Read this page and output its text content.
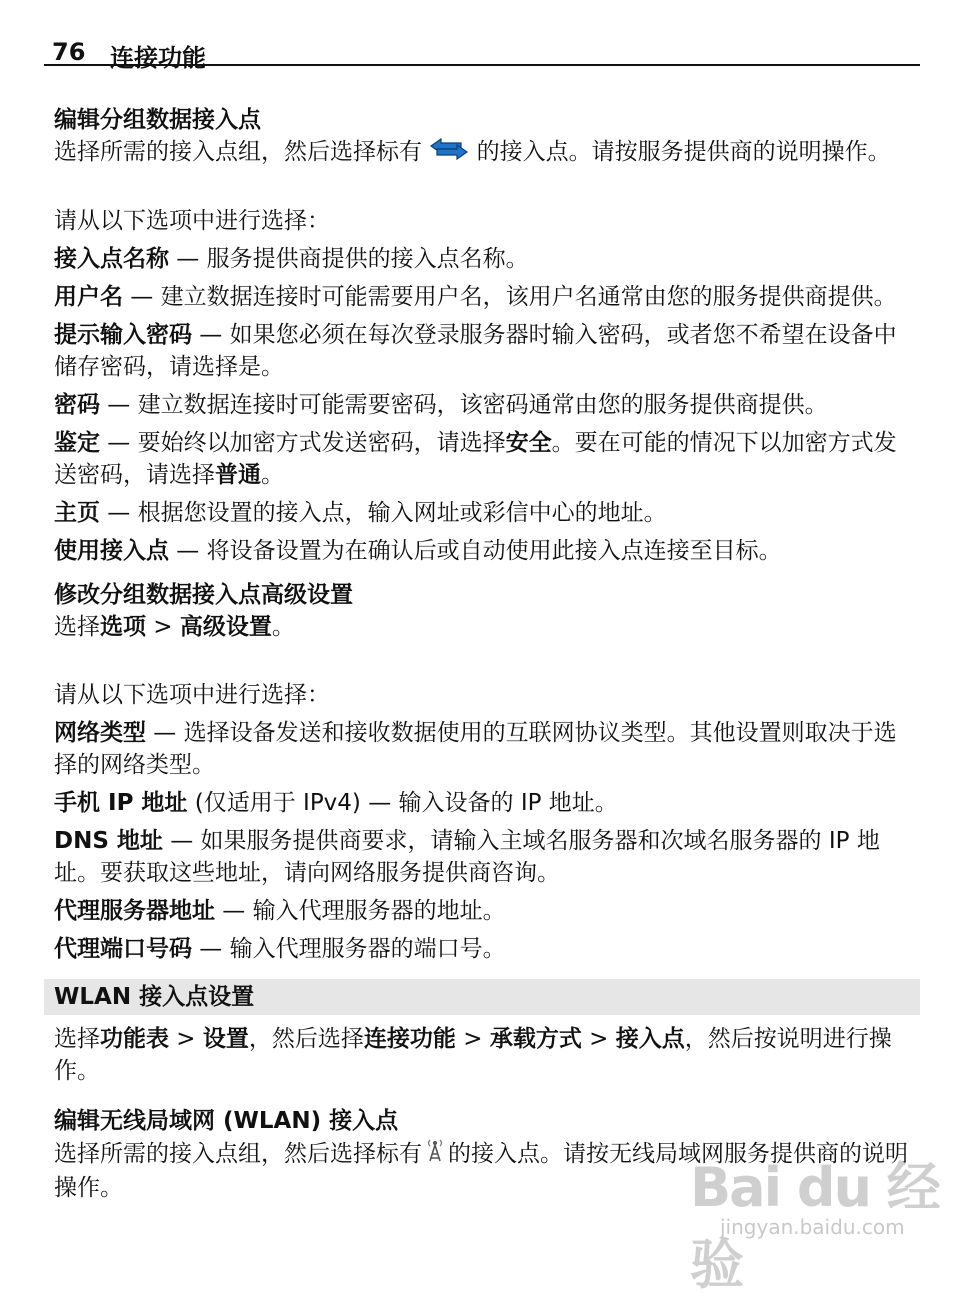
76 连接功能

编辑分组数据接入点

选择所需的接入点组，然后选择标有  的接入点。请按服务提供商的说明操作。

请从以下选项中进行选择：

接入点名称 — 服务提供商提供的接入点名称。

用户名 — 建立数据连接时可能需要用户名，该用户名通常由您的服务提供商提供。

提示输入密码 — 如果您必须在每次登录服务器时输入密码，或者您不希望在设备中储存密码，请选择是。

密码 — 建立数据连接时可能需要密码，该密码通常由您的服务提供商提供。

鉴定 — 要始终以加密方式发送密码，请选择安全。要在可能的情况下以加密方式发送密码，请选择普通。

主页 — 根据您设置的接入点，输入网址或彩信中心的地址。

使用接入点 — 将设备设置为在确认后或自动使用此接入点连接至目标。

修改分组数据接入点高级设置

选择选项 > 高级设置。

请从以下选项中进行选择：

网络类型 — 选择设备发送和接收数据使用的互联网协议类型。其他设置则取决于选择的网络类型。

手机 IP 地址 (仅适用于 IPv4) — 输入设备的 IP 地址。

DNS 地址 — 如果服务提供商要求，请输入主域名服务器和次域名服务器的 IP 地址。要获取这些地址，请向网络服务提供商咨询。

代理服务器地址 — 输入代理服务器的地址。

代理端口号码 — 输入代理服务器的端口号。

WLAN 接入点设置

选择功能表 > 设置，然后选择连接功能 > 承载方式 > 接入点，然后按说明进行操作。

编辑无线局域网 (WLAN) 接入点

选择所需的接入点组，然后选择标有 的接入点。请按无线局域网服务提供商的说明操作。	Bai du 经验
jingyan.baidu.com
